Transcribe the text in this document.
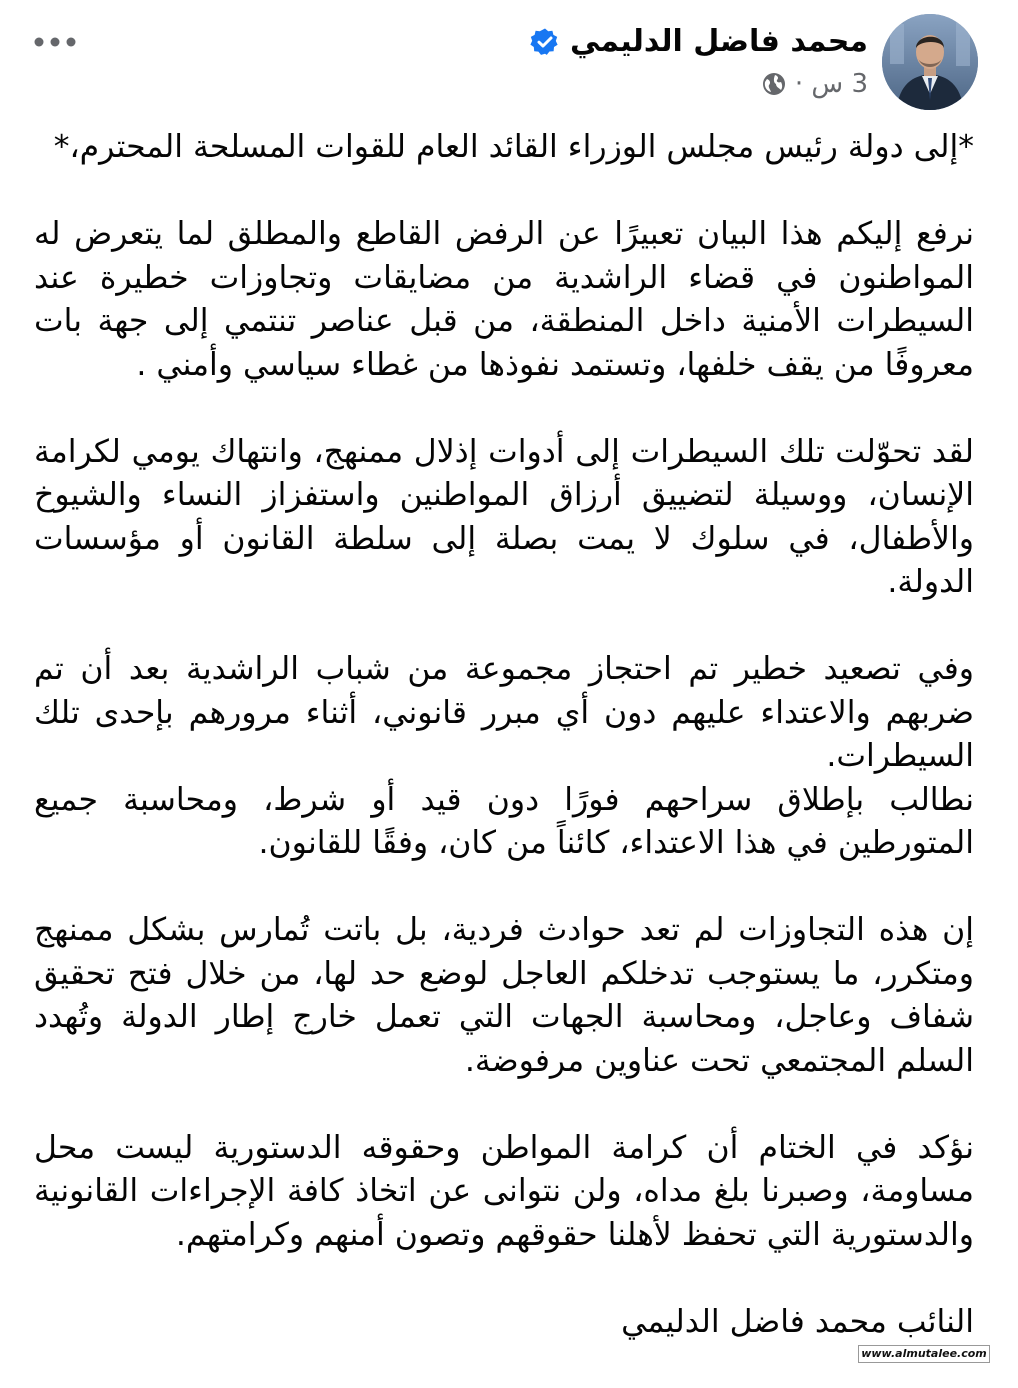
محمد فاضل الدليمي
3 س ·

*إلى دولة رئيس مجلس الوزراء القائد العام للقوات المسلحة المحترم،*

نرفع إليكم هذا البيان تعبيرًا عن الرفض القاطع والمطلق لما يتعرض له المواطنون في قضاء الراشدية من مضايقات وتجاوزات خطيرة عند السيطرات الأمنية داخل المنطقة، من قبل عناصر تنتمي إلى جهة بات معروفًا من يقف خلفها، وتستمد نفوذها من غطاء سياسي وأمني .

لقد تحوّلت تلك السيطرات إلى أدوات إذلال ممنهج، وانتهاك يومي لكرامة الإنسان، ووسيلة لتضييق أرزاق المواطنين واستفزاز النساء والشيوخ والأطفال، في سلوك لا يمت بصلة إلى سلطة القانون أو مؤسسات الدولة.

وفي تصعيد خطير تم احتجاز مجموعة من شباب الراشدية بعد أن تم ضربهم والاعتداء عليهم دون أي مبرر قانوني، أثناء مرورهم بإحدى تلك السيطرات.

نطالب بإطلاق سراحهم فورًا دون قيد أو شرط، ومحاسبة جميع المتورطين في هذا الاعتداء، كائناً من كان، وفقًا للقانون.

إن هذه التجاوزات لم تعد حوادث فردية، بل باتت تُمارس بشكل ممنهج ومتكرر، ما يستوجب تدخلكم العاجل لوضع حد لها، من خلال فتح تحقيق شفاف وعاجل، ومحاسبة الجهات التي تعمل خارج إطار الدولة وتُهدد السلم المجتمعي تحت عناوين مرفوضة.

نؤكد في الختام أن كرامة المواطن وحقوقه الدستورية ليست محل مساومة، وصبرنا بلغ مداه، ولن نتوانى عن اتخاذ كافة الإجراءات القانونية والدستورية التي تحفظ لأهلنا حقوقهم وتصون أمنهم وكرامتهم.

النائب محمد فاضل الدليمي

www.almutalee.com
